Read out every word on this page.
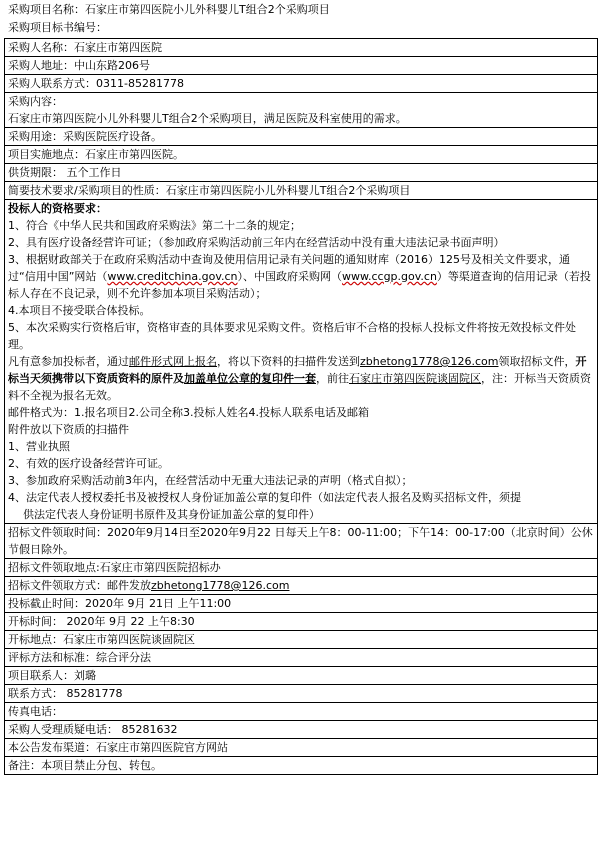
采购项目名称：石家庄市第四医院小儿外科婴儿T组合2个采购项目
采购项目标书编号：
采购人名称：石家庄市第四医院
采购人地址：中山东路206号
采购人联系方式：0311-85281778

采购内容：
石家庄市第四医院小儿外科婴儿T组合2个采购项目，满足医院及科室使用的需求。

采购用途：采购医院医疗设备。
项目实施地点：石家庄市第四医院。
供货期限： 五个工作日
简要技术要求/采购项目的性质：石家庄市第四医院小儿外科婴儿T组合2个采购项目

投标人的资格要求：
1、符合《中华人民共和国政府采购法》第二十二条的规定；
2、具有医疗设备经营许可证；（参加政府采购活动前三年内在经营活动中没有重大违法记录书面声明）
3、根据财政部关于在政府采购活动中查询及使用信用记录有关问题的通知财库（2016）125号及相关文件要求，通过“信用中国”网站（www.creditchina.gov.cn）、中国政府采购网（www.ccgp.gov.cn）等渠道查询的信用记录（若投标人存在不良记录，则不允许参加本项目采购活动）；
4.本项目不接受联合体投标。
5、本次采购实行资格后审，资格审查的具体要求见采购文件。资格后审不合格的投标人投标文件将按无效投标文件处理。
凡有意参加投标者，通过邮件形式网上报名，将以下资料的扫描件发送到zbhetong1778@126.com领取招标文件，开标当天须携带以下资质资料的原件及加盖单位公章的复印件一套，前往石家庄市第四医院谈固院区，注：开标当天资质资料不全视为报名无效。
邮件格式为：1.报名项目2.公司全称3.投标人姓名4.投标人联系电话及邮箱
附件放以下资质的扫描件
1、营业执照
2、有效的医疗设备经营许可证。
3、参加政府采购活动前3年内，在经营活动中无重大违法记录的声明（格式自拟）；
4、法定代表人授权委托书及被授权人身份证加盖公章的复印件（如法定代表人报名及购买招标文件，须提
供法定代表人身份证明书原件及其身份证加盖公章的复印件）

招标文件领取时间：2020年9月14日至2020年9月22 日每天上午8：00-11:00；下午14：00-17:00（北京时间）公休节假日除外。
招标文件领取地点:石家庄市第四医院招标办
招标文件领取方式：邮件发放zbhetong1778@126.com
投标截止时间：2020年 9月 21日 上午11:00
开标时间： 2020年 9月 22 上午8:30
开标地点：石家庄市第四医院谈固院区
评标方法和标准：综合评分法
项目联系人：刘璐
联系方式： 85281778
传真电话：
采购人受理质疑电话： 85281632
本公告发布渠道：石家庄市第四医院官方网站
备注：本项目禁止分包、转包。
